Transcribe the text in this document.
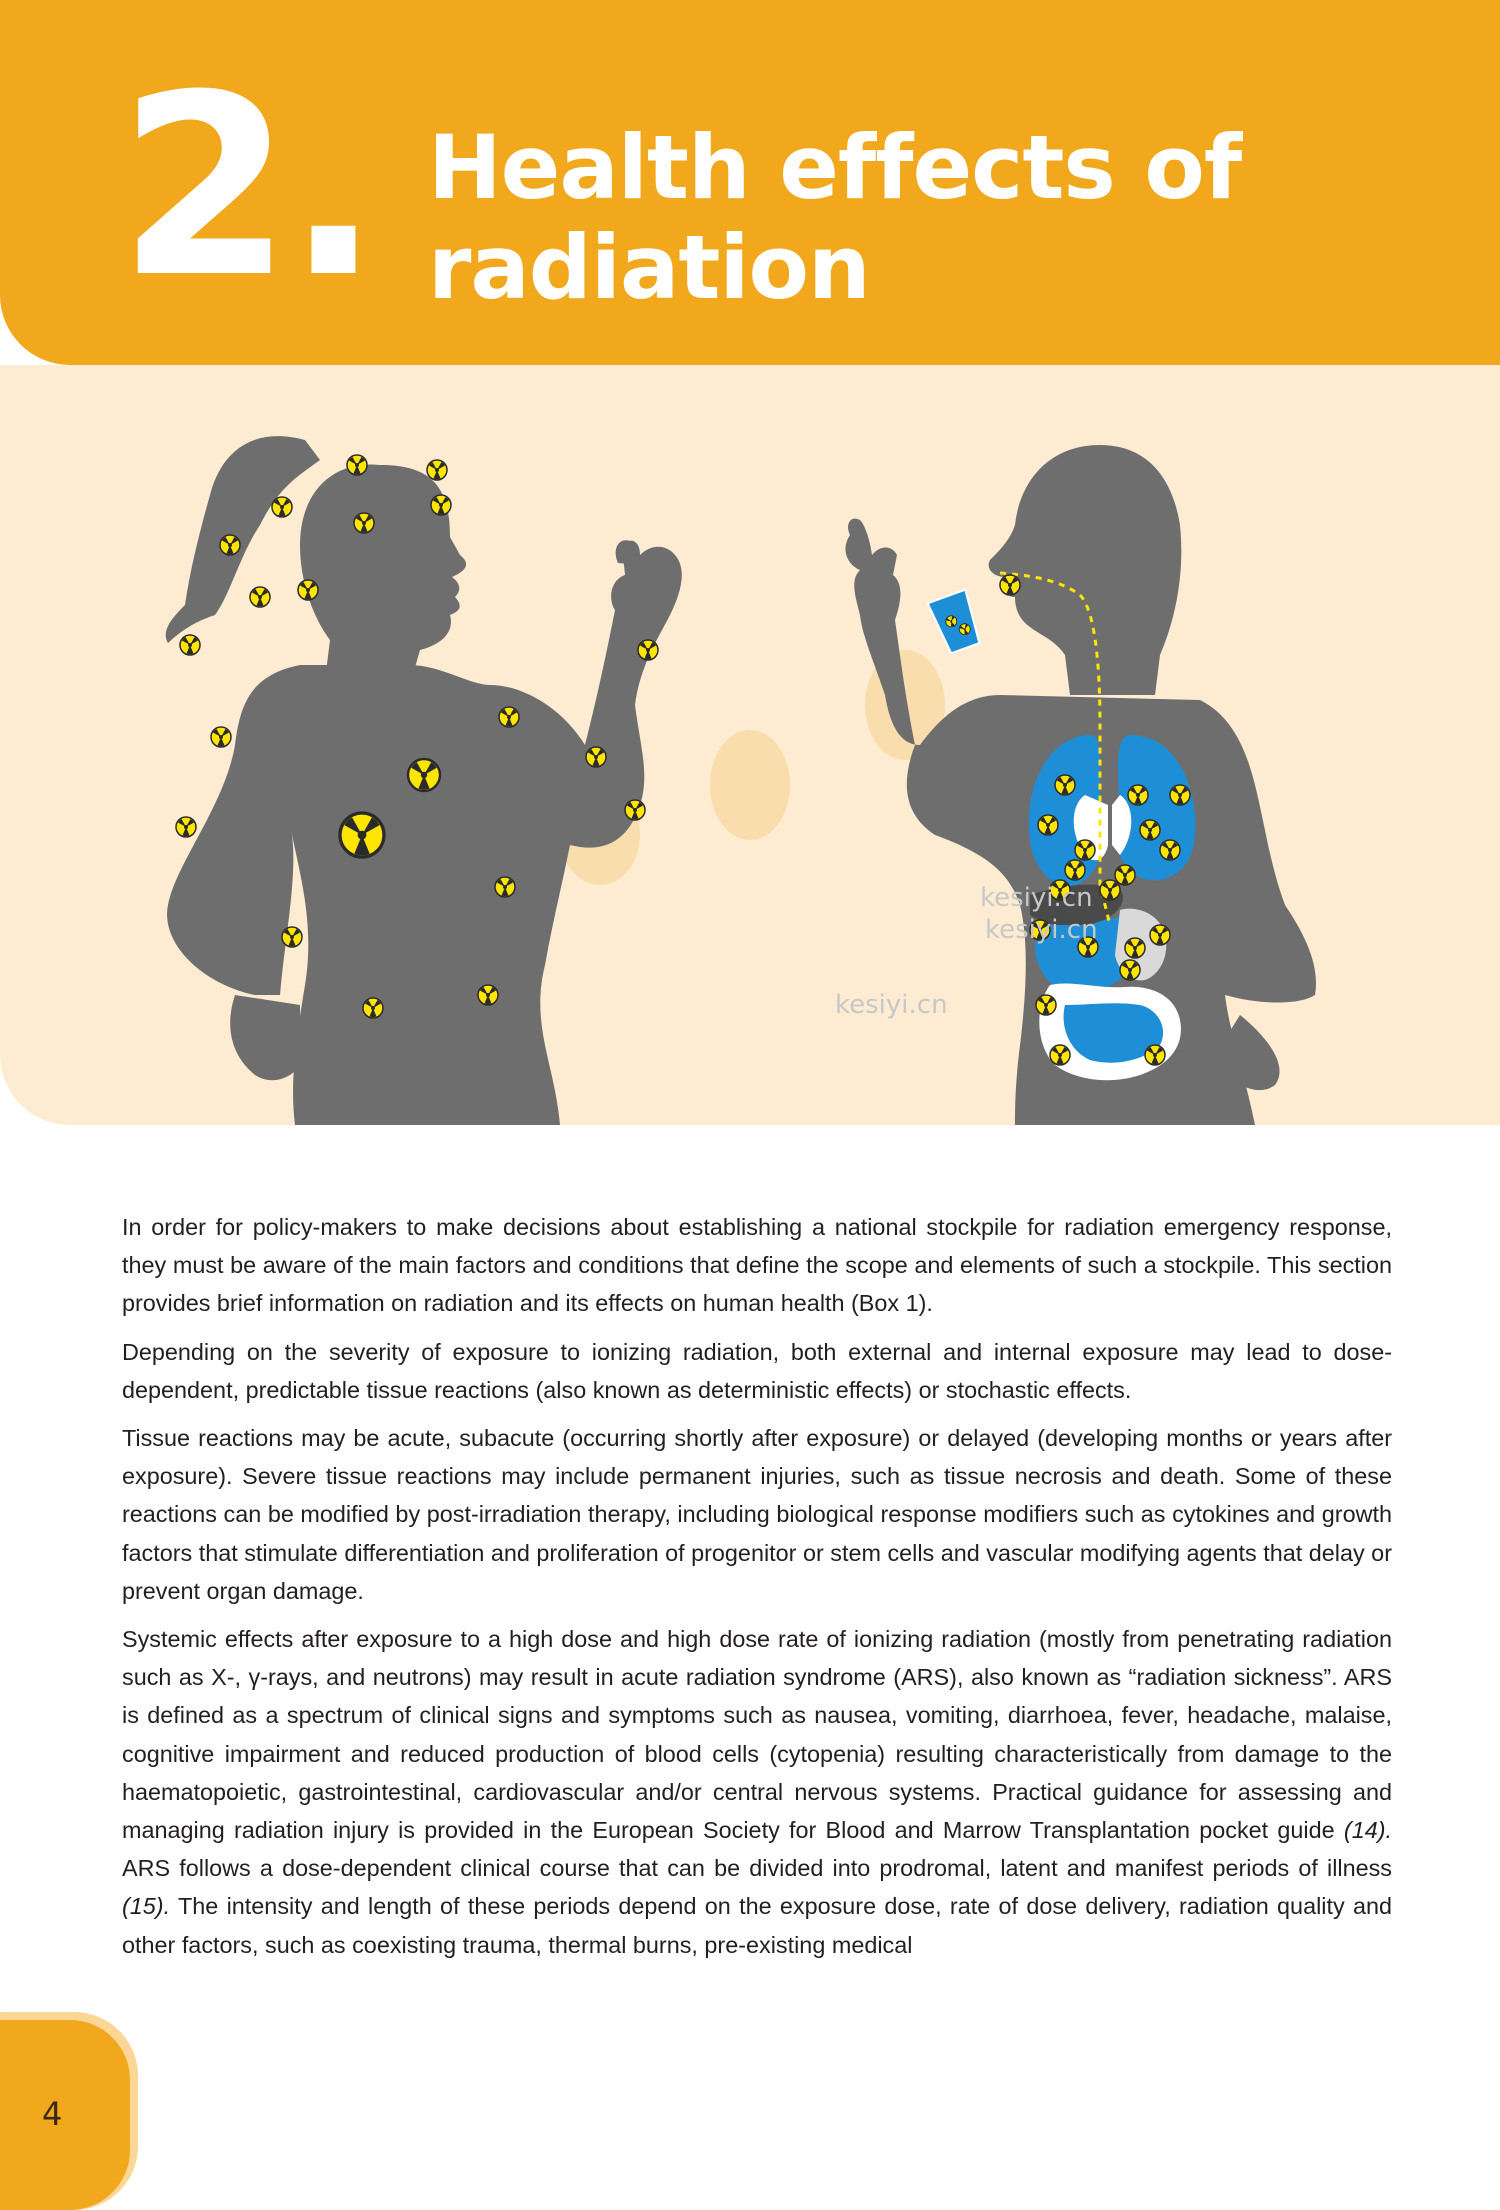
2. Health effects of
radiation
kesiyi.cn
kesiyi.cn
kesiyi.cn

In order for policy-makers to make decisions about establishing a national stockpile for radiation emergency response, they must be aware of the main factors and conditions that define the scope and elements of such a stockpile. This section provides brief information on radiation and its effects on human health (Box 1).

Depending on the severity of exposure to ionizing radiation, both external and internal exposure may lead to dose-dependent, predictable tissue reactions (also known as deterministic effects) or stochastic effects.

Tissue reactions may be acute, subacute (occurring shortly after exposure) or delayed (developing months or years after exposure). Severe tissue reactions may include permanent injuries, such as tissue necrosis and death. Some of these reactions can be modified by post-irradiation therapy, including biological response modifiers such as cytokines and growth factors that stimulate differentiation and proliferation of progenitor or stem cells and vascular modifying agents that delay or prevent organ damage.

Systemic effects after exposure to a high dose and high dose rate of ionizing radiation (mostly from penetrating radiation such as X-, γ-rays, and neutrons) may result in acute radiation syndrome (ARS), also known as “radiation sickness”. ARS is defined as a spectrum of clinical signs and symptoms such as nausea, vomiting, diarrhoea, fever, headache, malaise, cognitive impairment and reduced production of blood cells (cytopenia) resulting characteristically from damage to the haematopoietic, gastrointestinal, cardiovascular and/or central nervous systems. Practical guidance for assessing and managing radiation injury is provided in the European Society for Blood and Marrow Transplantation pocket guide (14). ARS follows a dose-dependent clinical course that can be divided into prodromal, latent and manifest periods of illness (15). The intensity and length of these periods depend on the exposure dose, rate of dose delivery, radiation quality and other factors, such as coexisting trauma, thermal burns, pre-existing medical

4
